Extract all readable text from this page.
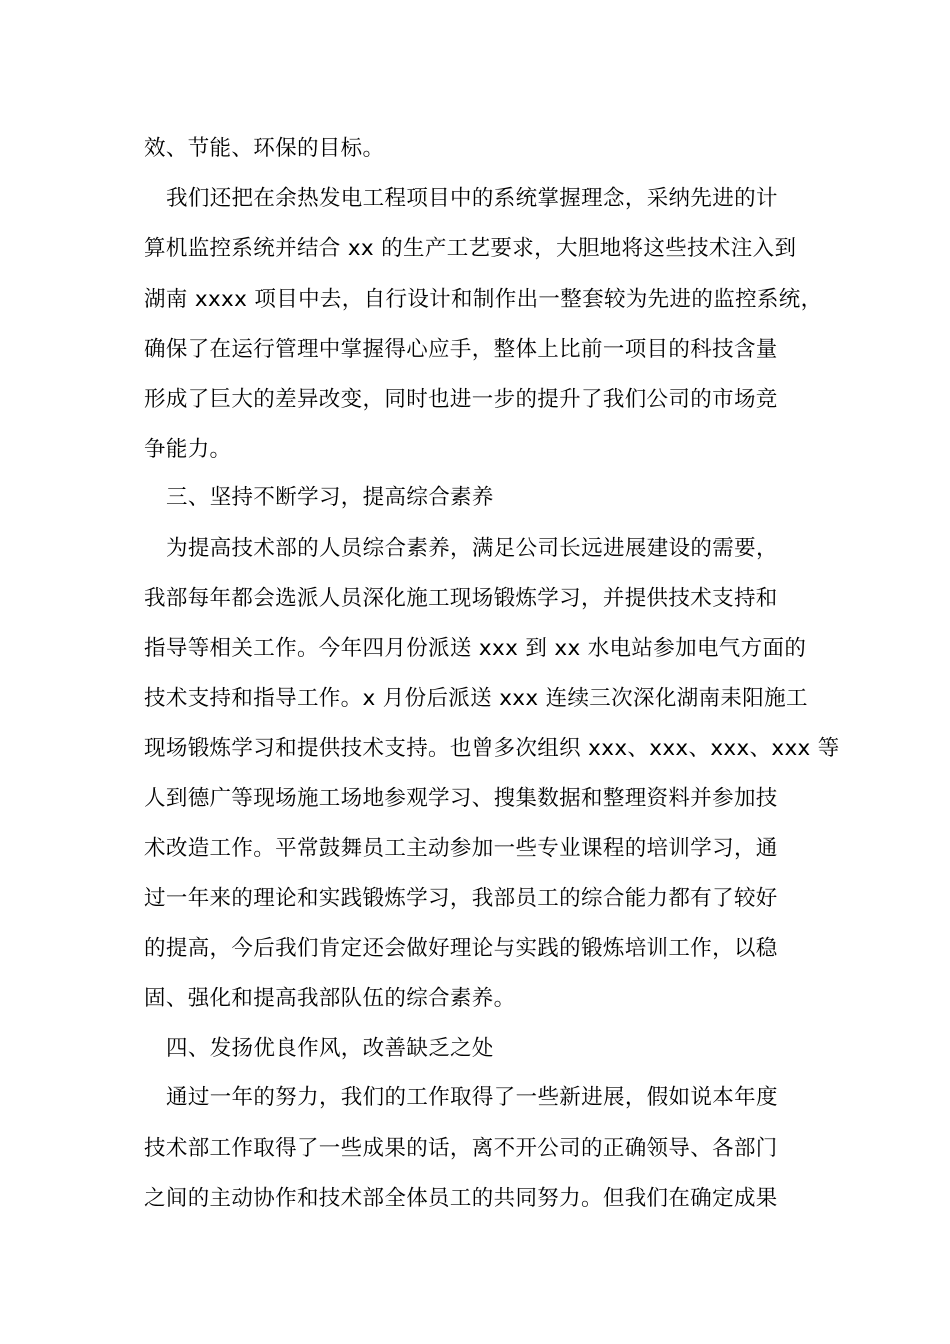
效、节能、环保的目标。

我们还把在余热发电工程项目中的系统掌握理念，采纳先进的计

算机监控系统并结合 xx 的生产工艺要求，大胆地将这些技术注入到

湖南 xxxx 项目中去，自行设计和制作出一整套较为先进的监控系统，

确保了在运行管理中掌握得心应手，整体上比前一项目的科技含量

形成了巨大的差异改变，同时也进一步的提升了我们公司的市场竞

争能力。

三、坚持不断学习，提高综合素养

为提高技术部的人员综合素养，满足公司长远进展建设的需要，

我部每年都会选派人员深化施工现场锻炼学习，并提供技术支持和

指导等相关工作。今年四月份派送 xxx 到 xx 水电站参加电气方面的

技术支持和指导工作。x 月份后派送 xxx 连续三次深化湖南耒阳施工

现场锻炼学习和提供技术支持。也曾多次组织 xxx、xxx、xxx、xxx 等

人到德广等现场施工场地参观学习、搜集数据和整理资料并参加技

术改造工作。平常鼓舞员工主动参加一些专业课程的培训学习，通

过一年来的理论和实践锻炼学习，我部员工的综合能力都有了较好

的提高，今后我们肯定还会做好理论与实践的锻炼培训工作，以稳

固、强化和提高我部队伍的综合素养。

四、发扬优良作风，改善缺乏之处

通过一年的努力，我们的工作取得了一些新进展，假如说本年度

技术部工作取得了一些成果的话，离不开公司的正确领导、各部门

之间的主动协作和技术部全体员工的共同努力。但我们在确定成果
